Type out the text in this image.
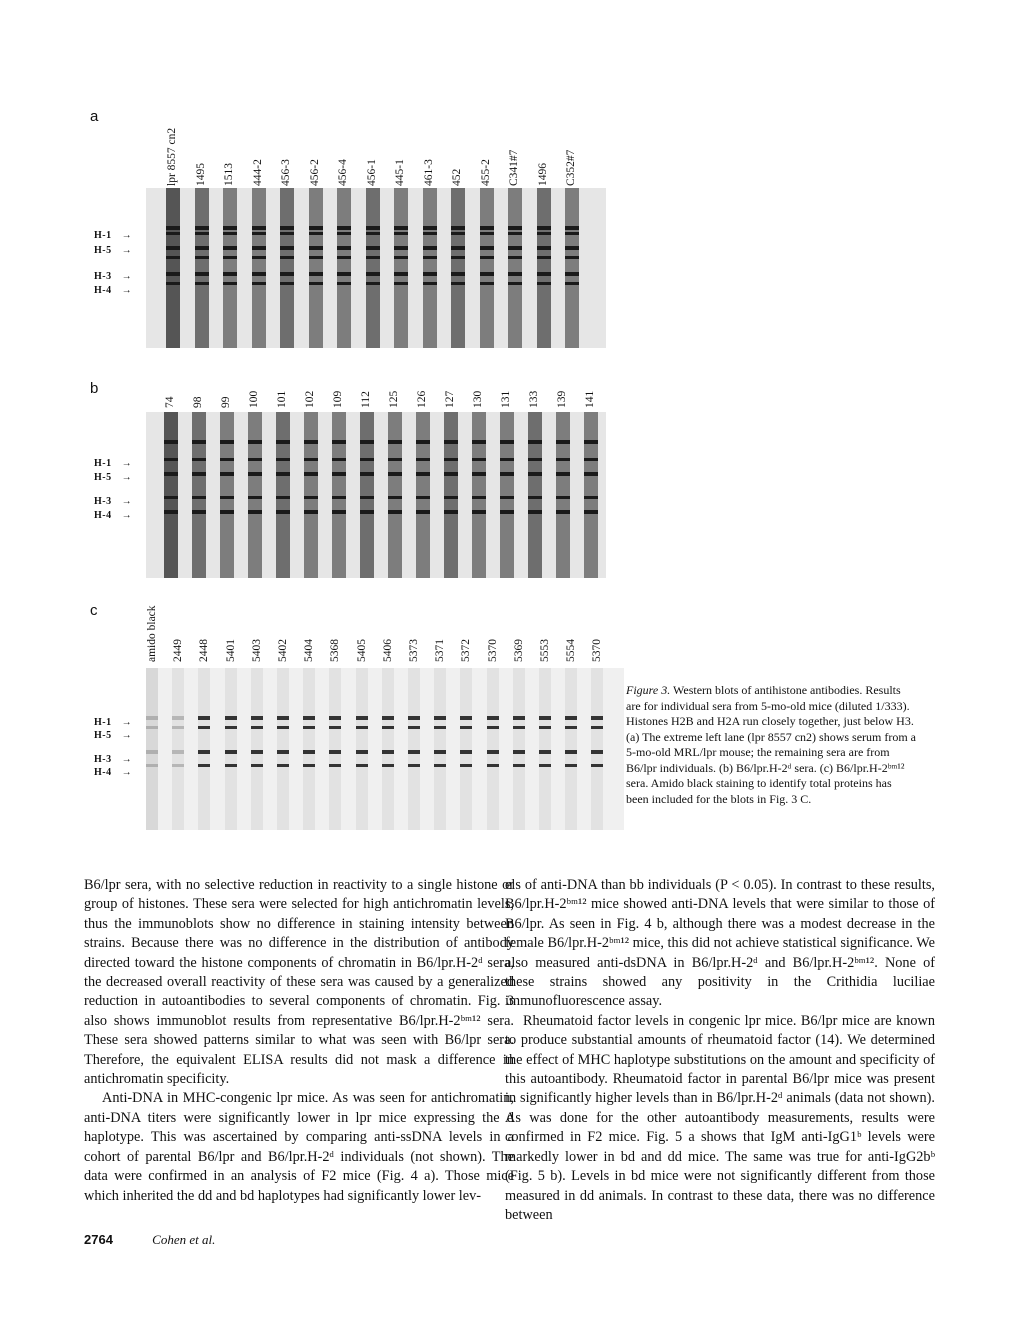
a
lpr 8557 cn2 1495 1513 444-2 456-3 456-2 456-4 456-1 445-1 461-3 452 455-2 C341#7 1496 C352#7
H-1 →
H-5 →
H-3 →
H-4 →
b
74 98 99 100 101 102 109 112 125 126 127 130 131 133 139 141
H-1 →
H-5 →
H-3 →
H-4 →
c	amido black 2449 2448 5401 5403 5402 5404 5368 5405 5406 5373 5371 5372 5370 5369 5553 5554 5370
H-1 →
H-5 →
H-3 →
H-4 →
Figure 3. Western blots of antihistone antibodies. Results are for individual sera from 5-mo-old mice (diluted 1/333). Histones H2B and H2A run closely together, just below H3. (a) The extreme left lane (lpr 8557 cn2) shows serum from a 5-mo-old MRL/lpr mouse; the remaining sera are from B6/lpr individuals. (b) B6/lpr.H-2ᵈ sera. (c) B6/lpr.H-2ᵇᵐ¹² sera. Amido black staining to identify total proteins has been included for the blots in Fig. 3 C.

B6/lpr sera, with no selective reduction in reactivity to a single histone or group of histones. These sera were selected for high antichromatin levels, thus the immunoblots show no difference in staining intensity between strains. Because there was no difference in the distribution of antibody directed toward the histone components of chromatin in B6/lpr.H-2ᵈ sera, the decreased overall reactivity of these sera was caused by a generalized reduction in autoantibodies to several components of chromatin. Fig. 3 also shows immunoblot results from representative B6/lpr.H-2ᵇᵐ¹² sera. These sera showed patterns similar to what was seen with B6/lpr sera. Therefore, the equivalent ELISA results did not mask a difference in antichromatin specificity.

Anti-DNA in MHC-congenic lpr mice. As was seen for antichromatin, anti-DNA titers were significantly lower in lpr mice expressing the d haplotype. This was ascertained by comparing anti-ssDNA levels in a cohort of parental B6/lpr and B6/lpr.H-2ᵈ individuals (not shown). The data were confirmed in an analysis of F2 mice (Fig. 4 a). Those mice which inherited the dd and bd haplotypes had significantly lower lev-

els of anti-DNA than bb individuals (P < 0.05). In contrast to these results, B6/lpr.H-2ᵇᵐ¹² mice showed anti-DNA levels that were similar to those of B6/lpr. As seen in Fig. 4 b, although there was a modest decrease in the female B6/lpr.H-2ᵇᵐ¹² mice, this did not achieve statistical significance. We also measured anti-dsDNA in B6/lpr.H-2ᵈ and B6/lpr.H-2ᵇᵐ¹². None of these strains showed any positivity in the Crithidia luciliae immunofluorescence assay.

Rheumatoid factor levels in congenic lpr mice. B6/lpr mice are known to produce substantial amounts of rheumatoid factor (14). We determined the effect of MHC haplotype substitutions on the amount and specificity of this autoantibody. Rheumatoid factor in parental B6/lpr mice was present in significantly higher levels than in B6/lpr.H-2ᵈ animals (data not shown). As was done for the other autoantibody measurements, results were confirmed in F2 mice. Fig. 5 a shows that IgM anti-IgG1ᵇ levels were markedly lower in bd and dd mice. The same was true for anti-IgG2bᵇ (Fig. 5 b). Levels in bd mice were not significantly different from those measured in dd animals. In contrast to these data, there was no difference between

2764	Cohen et al.
